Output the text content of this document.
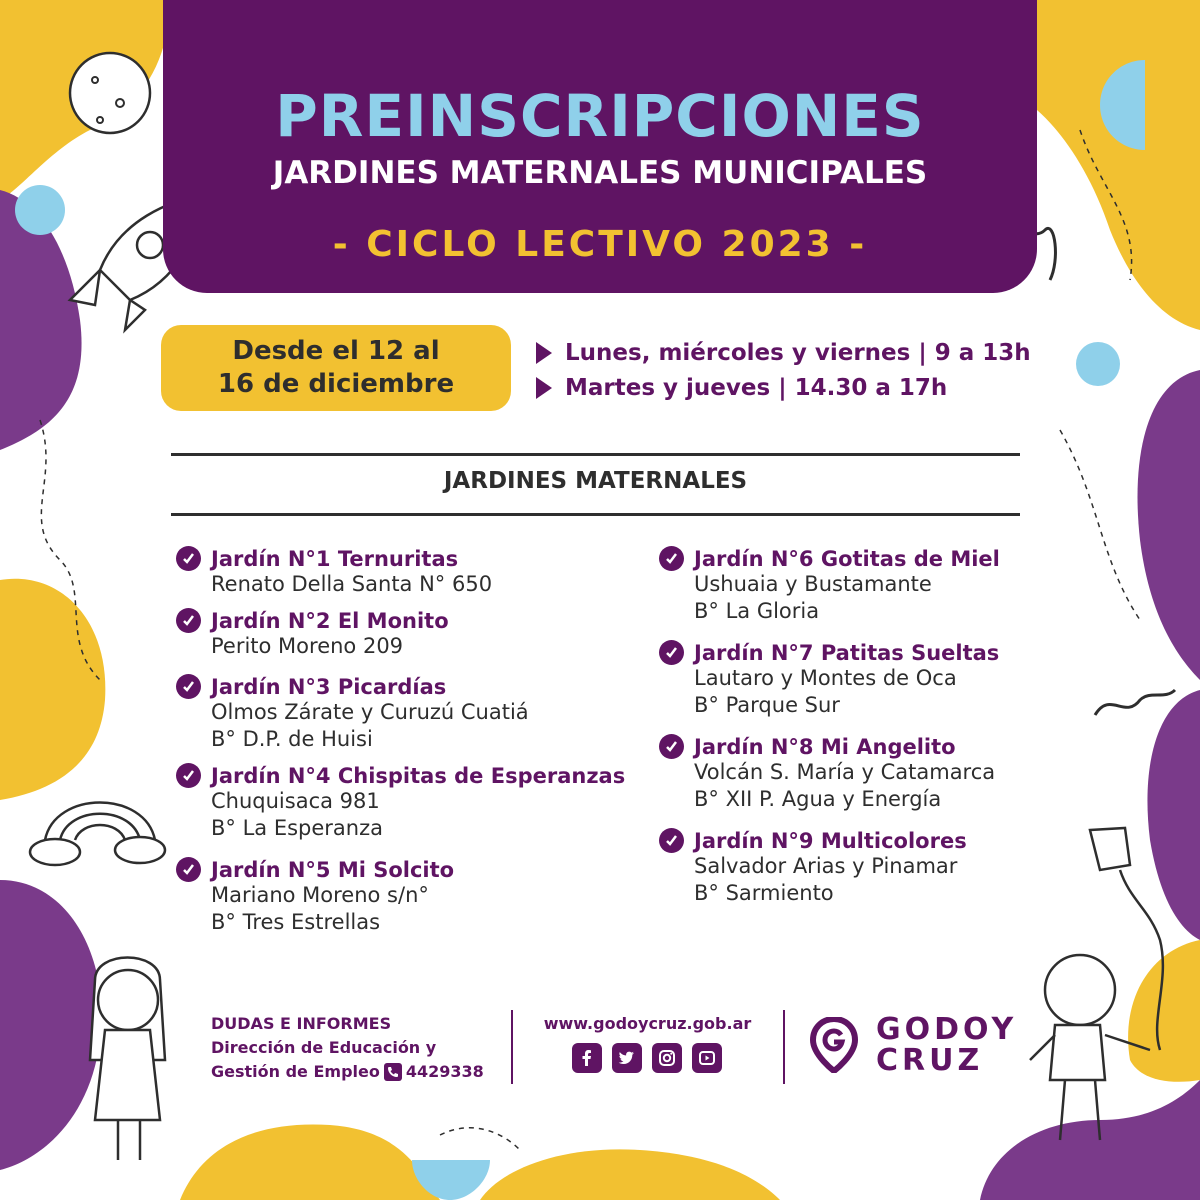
PREINSCRIPCIONES
JARDINES MATERNALES MUNICIPALES
- CICLO LECTIVO 2023 -
Desde el 12 al
16 de diciembre
Lunes, miércoles y viernes | 9 a 13h
Martes y jueves | 14.30 a 17h
JARDINES MATERNALES
Jardín N°1 Ternuritas
Renato Della Santa N° 650
Jardín N°2 El Monito
Perito Moreno 209
Jardín N°3 Picardías
Olmos Zárate y Curuzú Cuatiá
B° D.P. de Huisi
Jardín N°4 Chispitas de Esperanzas
Chuquisaca 981
B° La Esperanza
Jardín N°5 Mi Solcito
Mariano Moreno s/n°
B° Tres Estrellas
Jardín N°6 Gotitas de Miel
Ushuaia y Bustamante
B° La Gloria
Jardín N°7 Patitas Sueltas
Lautaro y Montes de Oca
B° Parque Sur
Jardín N°8 Mi Angelito
Volcán S. María y Catamarca
B° XII P. Agua y Energía
Jardín N°9 Multicolores
Salvador Arias y Pinamar
B° Sarmiento
DUDAS E INFORMES
Dirección de Educación y
Gestión de Empleo 4429338
www.godoycruz.gob.ar	GODOY
CRUZ
